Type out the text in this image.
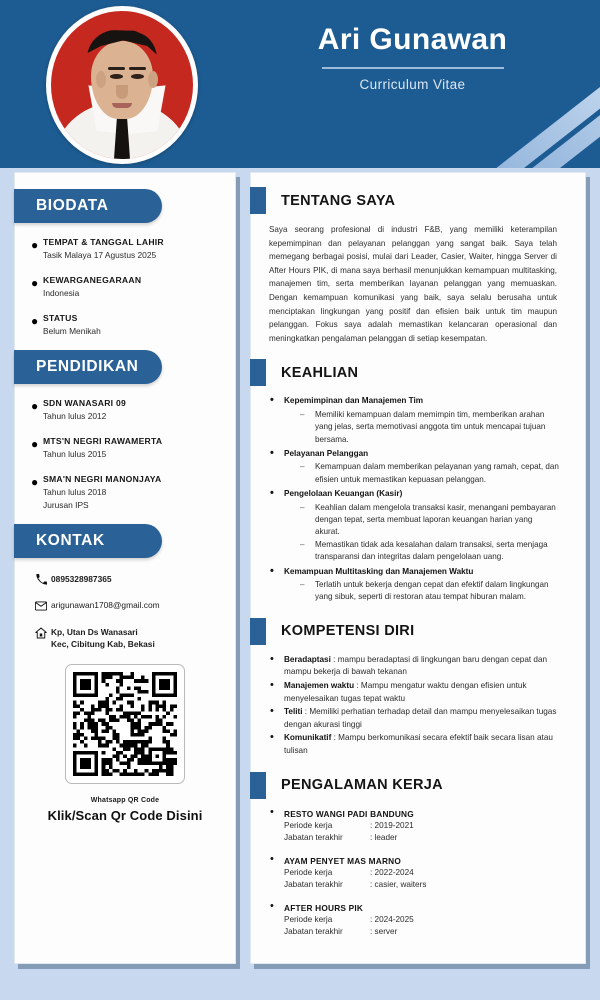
Ari Gunawan
Curriculum Vitae
BIODATA
● TEMPAT & TANGGAL LAHIR
Tasik Malaya 17 Agustus 2025
● KEWARGANEGARAAN
Indonesia
● STATUS
Belum Menikah
PENDIDIKAN
● SDN WANASARI 09
Tahun lulus 2012
● MTS'N NEGRI RAWAMERTA
Tahun lulus 2015
● SMA'N NEGRI MANONJAYA
Tahun lulus 2018
Jurusan IPS
KONTAK
0895328987365
arigunawan1708@gmail.com
Kp, Utan Ds Wanasari
Kec, Cibitung Kab, Bekasi
Whatsapp QR Code
Klik/Scan Qr Code Disini
TENTANG SAYA
Saya seorang profesional di industri F&B, yang memiliki keterampilan kepemimpinan dan pelayanan pelanggan yang sangat baik. Saya telah memegang berbagai posisi, mulai dari Leader, Casier, Waiter, hingga Server di After Hours PIK, di mana saya berhasil menunjukkan kemampuan multitasking, manajemen tim, serta memberikan layanan pelanggan yang memuaskan. Dengan kemampuan komunikasi yang baik, saya selalu berusaha untuk menciptakan lingkungan yang positif dan efisien baik untuk tim maupun pelanggan. Fokus saya adalah memastikan kelancaran operasional dan meningkatkan pengalaman pelanggan di setiap kesempatan.
KEAHLIAN
• Kepemimpinan dan Manajemen Tim
– Memiliki kemampuan dalam memimpin tim, memberikan arahan yang jelas, serta memotivasi anggota tim untuk mencapai tujuan bersama.
• Pelayanan Pelanggan
– Kemampuan dalam memberikan pelayanan yang ramah, cepat, dan efisien untuk memastikan kepuasan pelanggan.
• Pengelolaan Keuangan (Kasir)
– Keahlian dalam mengelola transaksi kasir, menangani pembayaran dengan tepat, serta membuat laporan keuangan harian yang akurat.
– Memastikan tidak ada kesalahan dalam transaksi, serta menjaga transparansi dan integritas dalam pengelolaan uang.
• Kemampuan Multitasking dan Manajemen Waktu
– Terlatih untuk bekerja dengan cepat dan efektif dalam lingkungan yang sibuk, seperti di restoran atau tempat hiburan malam.
KOMPETENSI DIRI
• Beradaptasi : mampu beradaptasi di lingkungan baru dengan cepat dan mampu bekerja di bawah tekanan
• Manajemen waktu : Mampu mengatur waktu dengan efisien untuk menyelesaikan tugas tepat waktu
• Teliti : Memiliki perhatian terhadap detail dan mampu menyelesaikan tugas dengan akurasi tinggi
• Komunikatif : Mampu berkomunikasi secara efektif baik secara lisan atau tulisan
PENGALAMAN KERJA
• RESTO WANGI PADI BANDUNG
Periode kerja	: 2019-2021
Jabatan terakhir	: leader
• AYAM PENYET MAS MARNO
Periode kerja	: 2022-2024
Jabatan terakhir	: casier, waiters
• AFTER HOURS PIK
Periode kerja	: 2024-2025
Jabatan terakhir	: server
